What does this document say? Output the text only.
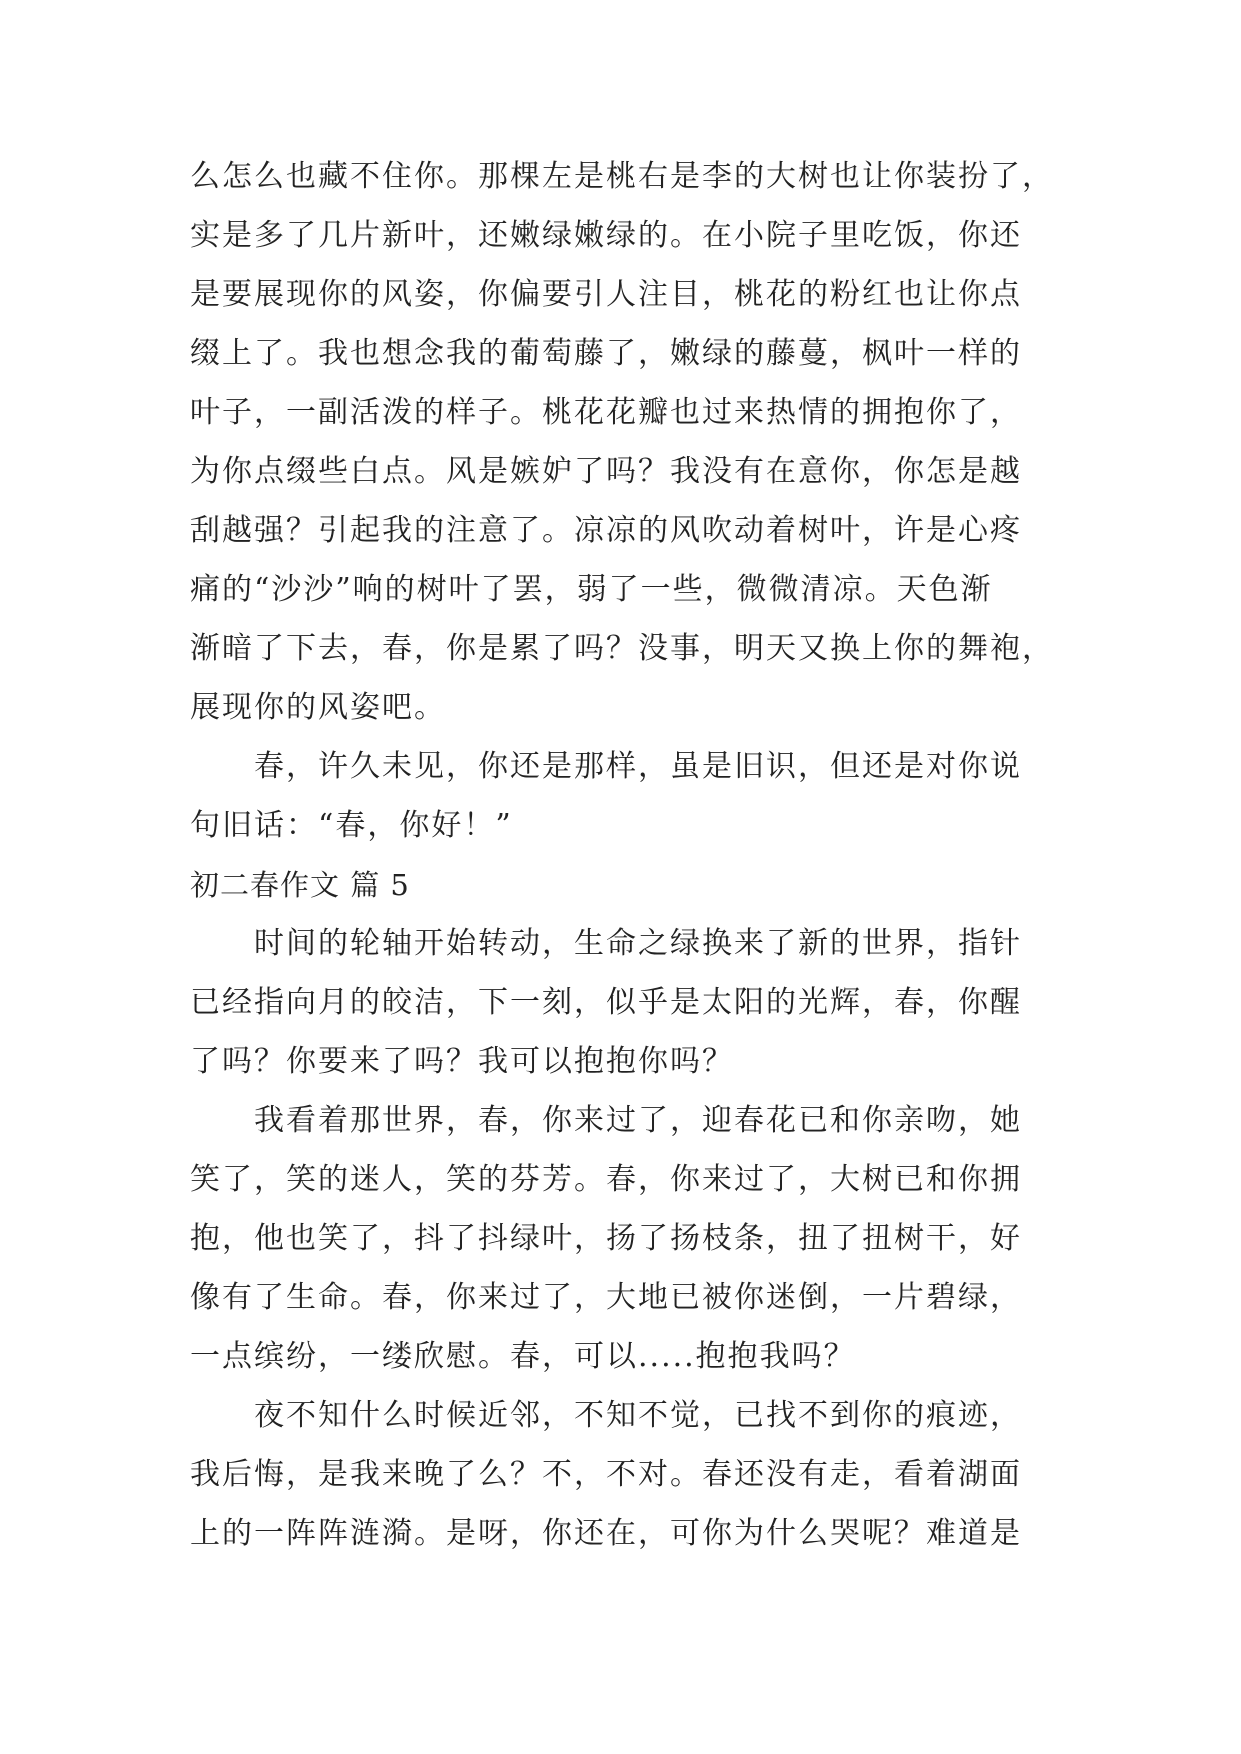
么怎么也藏不住你。那棵左是桃右是李的大树也让你装扮了，
实是多了几片新叶，还嫩绿嫩绿的。在小院子里吃饭，你还
是要展现你的风姿，你偏要引人注目，桃花的粉红也让你点
缀上了。我也想念我的葡萄藤了，嫩绿的藤蔓，枫叶一样的
叶子，一副活泼的样子。桃花花瓣也过来热情的拥抱你了，
为你点缀些白点。风是嫉妒了吗？我没有在意你，你怎是越
刮越强？引起我的注意了。凉凉的风吹动着树叶，许是心疼
痛的“沙沙”响的树叶了罢，弱了一些，微微清凉。天色渐
渐暗了下去，春，你是累了吗？没事，明天又换上你的舞袍，
展现你的风姿吧。
春，许久未见，你还是那样，虽是旧识，但还是对你说
句旧话：“春，你好！”
初二春作文 篇 5
时间的轮轴开始转动，生命之绿换来了新的世界，指针
已经指向月的皎洁，下一刻，似乎是太阳的光辉，春，你醒
了吗？你要来了吗？我可以抱抱你吗？
我看着那世界，春，你来过了，迎春花已和你亲吻，她
笑了，笑的迷人，笑的芬芳。春，你来过了，大树已和你拥
抱，他也笑了，抖了抖绿叶，扬了扬枝条，扭了扭树干，好
像有了生命。春，你来过了，大地已被你迷倒，一片碧绿，
一点缤纷，一缕欣慰。春，可以.....抱抱我吗？
夜不知什么时候近邻，不知不觉，已找不到你的痕迹，
我后悔，是我来晚了么？不，不对。春还没有走，看着湖面
上的一阵阵涟漪。是呀，你还在，可你为什么哭呢？难道是
